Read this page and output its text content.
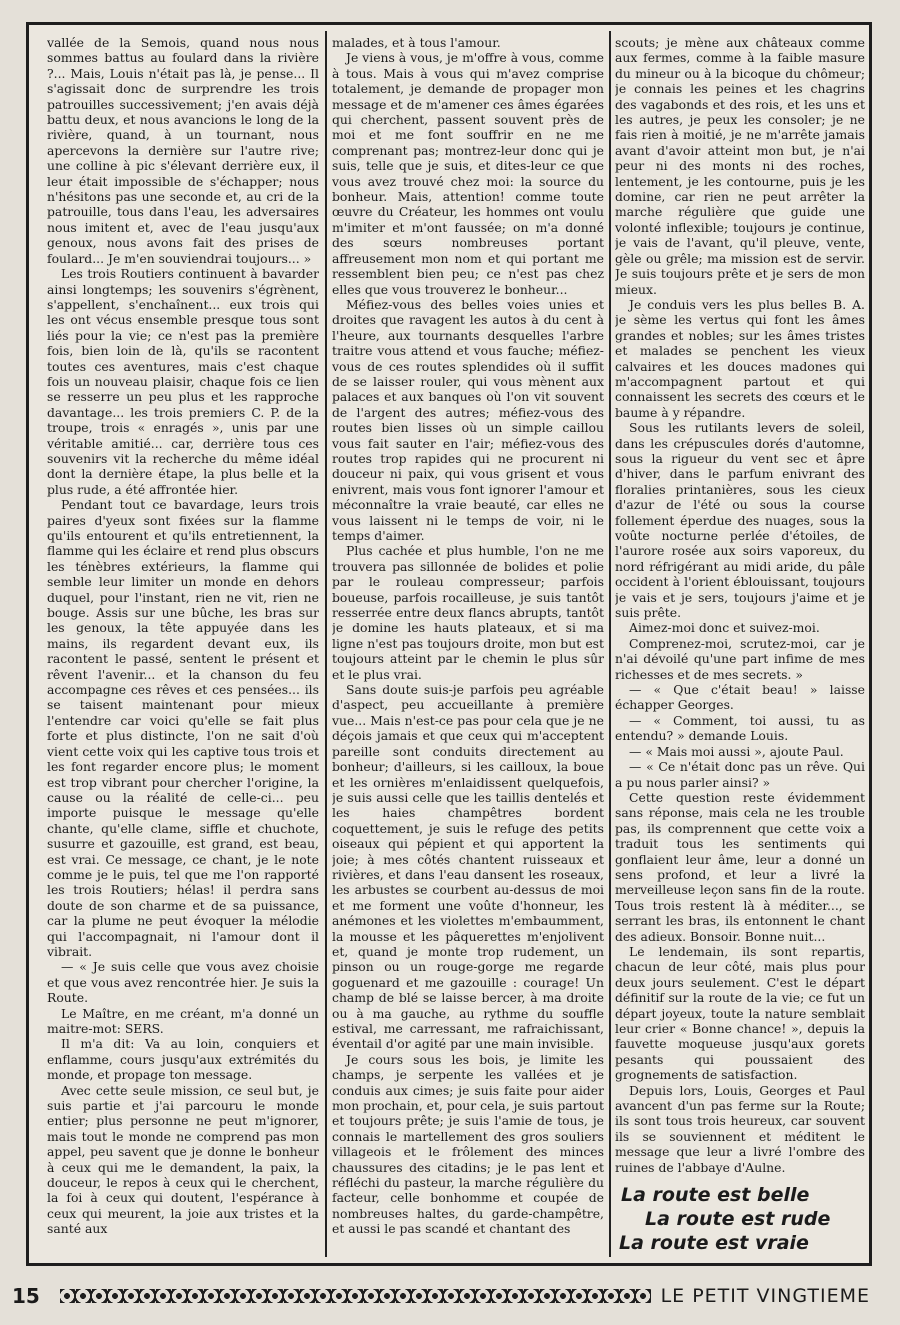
vallée de la Semois, quand nous nous sommes battus au foulard dans la rivière ?... Mais, Louis n'était pas là, je pense... Il s'agissait donc de surprendre les trois patrouilles successivement; j'en avais déjà battu deux, et nous avancions le long de la rivière, quand, à un tournant, nous apercevons la dernière sur l'autre rive; une colline à pic s'élevant derrière eux, il leur était impossible de s'échapper; nous n'hésitons pas une seconde et, au cri de la patrouille, tous dans l'eau, les adversaires nous imitent et, avec de l'eau jusqu'aux genoux, nous avons fait des prises de foulard... Je m'en souviendrai toujours... »

Les trois Routiers continuent à bavarder ainsi longtemps; les souvenirs s'égrènent, s'appellent, s'enchaînent... eux trois qui les ont vécus ensemble presque tous sont liés pour la vie; ce n'est pas la première fois, bien loin de là, qu'ils se racontent toutes ces aventures, mais c'est chaque fois un nouveau plaisir, chaque fois ce lien se resserre un peu plus et les rapproche davantage... les trois premiers C. P. de la troupe, trois « enragés », unis par une véritable amitié... car, derrière tous ces souvenirs vit la recherche du même idéal dont la dernière étape, la plus belle et la plus rude, a été affrontée hier.

Pendant tout ce bavardage, leurs trois paires d'yeux sont fixées sur la flamme qu'ils entourent et qu'ils entretiennent, la flamme qui les éclaire et rend plus obscurs les ténèbres extérieurs, la flamme qui semble leur limiter un monde en dehors duquel, pour l'instant, rien ne vit, rien ne bouge. Assis sur une bûche, les bras sur les genoux, la tête appuyée dans les mains, ils regardent devant eux, ils racontent le passé, sentent le présent et rêvent l'avenir... et la chanson du feu accompagne ces rêves et ces pensées... ils se taisent maintenant pour mieux l'entendre car voici qu'elle se fait plus forte et plus distincte, l'on ne sait d'où vient cette voix qui les captive tous trois et les font regarder encore plus; le moment est trop vibrant pour chercher l'origine, la cause ou la réalité de celle-ci... peu importe puisque le message qu'elle chante, qu'elle clame, siffle et chuchote, susurre et gazouille, est grand, est beau, est vrai. Ce message, ce chant, je le note comme je le puis, tel que me l'on rapporté les trois Routiers; hélas! il perdra sans doute de son charme et de sa puissance, car la plume ne peut évoquer la mélodie qui l'accompagnait, ni l'amour dont il vibrait.

— « Je suis celle que vous avez choisie et que vous avez rencontrée hier. Je suis la Route.

Le Maître, en me créant, m'a donné un maitre-mot: SERS.

Il m'a dit: Va au loin, conquiers et enflamme, cours jusqu'aux extrémités du monde, et propage ton message.

Avec cette seule mission, ce seul but, je suis partie et j'ai parcouru le monde entier; plus personne ne peut m'ignorer, mais tout le monde ne comprend pas mon appel, peu savent que je donne le bonheur à ceux qui me le demandent, la paix, la douceur, le repos à ceux qui le cherchent, la foi à ceux qui doutent, l'espérance à ceux qui meurent, la joie aux tristes et la santé aux

malades, et à tous l'amour.

Je viens à vous, je m'offre à vous, comme à tous. Mais à vous qui m'avez comprise totalement, je demande de propager mon message et de m'amener ces âmes égarées qui cherchent, passent souvent près de moi et me font souffrir en ne me comprenant pas; montrez-leur donc qui je suis, telle que je suis, et dites-leur ce que vous avez trouvé chez moi: la source du bonheur. Mais, attention! comme toute œuvre du Créateur, les hommes ont voulu m'imiter et m'ont faussée; on m'a donné des sœurs nombreuses portant affreusement mon nom et qui portant me ressemblent bien peu; ce n'est pas chez elles que vous trouverez le bonheur...

Méfiez-vous des belles voies unies et droites que ravagent les autos à du cent à l'heure, aux tournants desquelles l'arbre traitre vous attend et vous fauche; méfiez-vous de ces routes splendides où il suffit de se laisser rouler, qui vous mènent aux palaces et aux banques où l'on vit souvent de l'argent des autres; méfiez-vous des routes bien lisses où un simple caillou vous fait sauter en l'air; méfiez-vous des routes trop rapides qui ne procurent ni douceur ni paix, qui vous grisent et vous enivrent, mais vous font ignorer l'amour et méconnaître la vraie beauté, car elles ne vous laissent ni le temps de voir, ni le temps d'aimer.

Plus cachée et plus humble, l'on ne me trouvera pas sillonnée de bolides et polie par le rouleau compresseur; parfois boueuse, parfois rocailleuse, je suis tantôt resserrée entre deux flancs abrupts, tantôt je domine les hauts plateaux, et si ma ligne n'est pas toujours droite, mon but est toujours atteint par le chemin le plus sûr et le plus vrai.

Sans doute suis-je parfois peu agréable d'aspect, peu accueillante à première vue... Mais n'est-ce pas pour cela que je ne déçois jamais et que ceux qui m'acceptent pareille sont conduits directement au bonheur; d'ailleurs, si les cailloux, la boue et les ornières m'enlaidissent quelquefois, je suis aussi celle que les taillis dentelés et les haies champêtres bordent coquettement, je suis le refuge des petits oiseaux qui pépient et qui apportent la joie; à mes côtés chantent ruisseaux et rivières, et dans l'eau dansent les roseaux, les arbustes se courbent au-dessus de moi et me forment une voûte d'honneur, les anémones et les violettes m'embaumment, la mousse et les pâquerettes m'enjolivent et, quand je monte trop rudement, un pinson ou un rouge-gorge me regarde goguenard et me gazouille : courage! Un champ de blé se laisse bercer, à ma droite ou à ma gauche, au rythme du souffle estival, me carressant, me rafraichissant, éventail d'or agité par une main invisible.

Je cours sous les bois, je limite les champs, je serpente les vallées et je conduis aux cimes; je suis faite pour aider mon prochain, et, pour cela, je suis partout et toujours prête; je suis l'amie de tous, je connais le martellement des gros souliers villageois et le frôlement des minces chaussures des citadins; je le pas lent et réfléchi du pasteur, la marche régulière du facteur, celle bonhomme et coupée de nombreuses haltes, du garde-champêtre, et aussi le pas scandé et chantant des

scouts; je mène aux châteaux comme aux fermes, comme à la faible masure du mineur ou à la bicoque du chômeur; je connais les peines et les chagrins des vagabonds et des rois, et les uns et les autres, je peux les consoler; je ne fais rien à moitié, je ne m'arrête jamais avant d'avoir atteint mon but, je n'ai peur ni des monts ni des roches, lentement, je les contourne, puis je les domine, car rien ne peut arrêter la marche régulière que guide une volonté inflexible; toujours je continue, je vais de l'avant, qu'il pleuve, vente, gèle ou grêle; ma mission est de servir. Je suis toujours prête et je sers de mon mieux.

Je conduis vers les plus belles B. A. je sème les vertus qui font les âmes grandes et nobles; sur les âmes tristes et malades se penchent les vieux calvaires et les douces madones qui m'accompagnent partout et qui connaissent les secrets des cœurs et le baume à y répandre.

Sous les rutilants levers de soleil, dans les crépuscules dorés d'automne, sous la rigueur du vent sec et âpre d'hiver, dans le parfum enivrant des floralies printanières, sous les cieux d'azur de l'été ou sous la course follement éperdue des nuages, sous la voûte nocturne perlée d'étoiles, de l'aurore rosée aux soirs vaporeux, du nord réfrigérant au midi aride, du pâle occident à l'orient éblouissant, toujours je vais et je sers, toujours j'aime et je suis prête.

Aimez-moi donc et suivez-moi.

Comprenez-moi, scrutez-moi, car je n'ai dévoilé qu'une part infime de mes richesses et de mes secrets. »

— « Que c'était beau! » laisse échapper Georges.

— « Comment, toi aussi, tu as entendu? » demande Louis.

— « Mais moi aussi », ajoute Paul.

— « Ce n'était donc pas un rêve. Qui a pu nous parler ainsi? »

Cette question reste évidemment sans réponse, mais cela ne les trouble pas, ils comprennent que cette voix a traduit tous les sentiments qui gonflaient leur âme, leur a donné un sens profond, et leur a livré la merveilleuse leçon sans fin de la route. Tous trois restent là à méditer..., se serrant les bras, ils entonnent le chant des adieux. Bonsoir. Bonne nuit...

Le lendemain, ils sont repartis, chacun de leur côté, mais plus pour deux jours seulement. C'est le départ définitif sur la route de la vie; ce fut un départ joyeux, toute la nature semblait leur crier « Bonne chance! », depuis la fauvette moqueuse jusqu'aux gorets pesants qui poussaient des grognements de satisfaction.

Depuis lors, Louis, Georges et Paul avancent d'un pas ferme sur la Route; ils sont tous trois heureux, car souvent ils se souviennent et méditent le message que leur a livré l'ombre des ruines de l'abbaye d'Aulne.

La route est belle
La route est rude
La route est vraie
15	LE PETIT VINGTIEME
